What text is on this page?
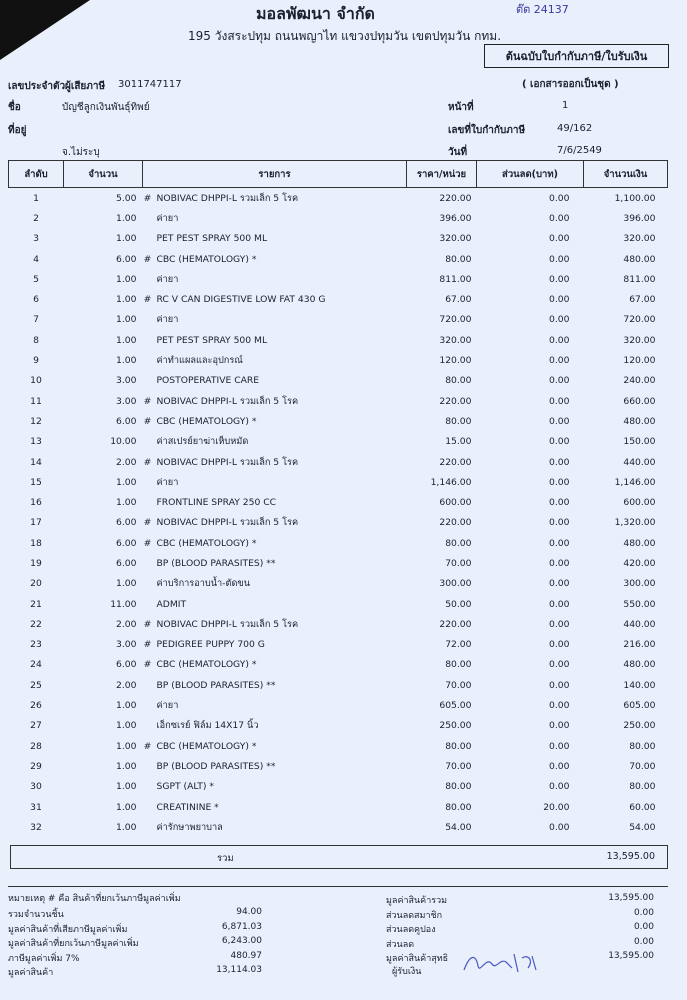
มอลพัฒนา จำกัด	ต๊ต 24137
195 วังสระปทุม ถนนพญาไท แขวงปทุมวัน เขตปทุมวัน กทม.
ต้นฉบับใบกำกับภาษี/ใบรับเงิน
เลขประจำตัวผู้เสียภาษี 3011747117	( เอกสารออกเป็นชุด )
ชื่อ	บัญชีลูกเงินพันธุ์ทิพย์	หน้าที่	1
ที่อยู่	เลขที่ใบกำกับภาษี	49/162
จ.ไม่ระบุ	วันที่	7/6/2549
ลำดับ	จำนวน	รายการ		ราคา/หน่วย	ส่วนลด(บาท)	จำนวนเงิน
1	5.00	#	NOBIVAC DHPPI-L รวมเล็ก 5 โรค	220.00	0.00	1,100.00
2	1.00		ค่ายา	396.00	0.00	396.00
3	1.00		PET PEST SPRAY 500 ML	320.00	0.00	320.00
4	6.00	#	CBC (HEMATOLOGY) *	80.00	0.00	480.00
5	1.00		ค่ายา	811.00	0.00	811.00
6	1.00	#	RC V CAN DIGESTIVE LOW FAT 430 G	67.00	0.00	67.00
7	1.00		ค่ายา	720.00	0.00	720.00
8	1.00		PET PEST SPRAY 500 ML	320.00	0.00	320.00
9	1.00		ค่าทำแผลและอุปกรณ์	120.00	0.00	120.00
10	3.00		POSTOPERATIVE CARE	80.00	0.00	240.00
11	3.00	#	NOBIVAC DHPPI-L รวมเล็ก 5 โรค	220.00	0.00	660.00
12	6.00	#	CBC (HEMATOLOGY) *	80.00	0.00	480.00
13	10.00		ค่าสเปรย์ยาฆ่าเห็บหมัด	15.00	0.00	150.00
14	2.00	#	NOBIVAC DHPPI-L รวมเล็ก 5 โรค	220.00	0.00	440.00
15	1.00		ค่ายา	1,146.00	0.00	1,146.00
16	1.00		FRONTLINE SPRAY 250 CC	600.00	0.00	600.00
17	6.00	#	NOBIVAC DHPPI-L รวมเล็ก 5 โรค	220.00	0.00	1,320.00
18	6.00	#	CBC (HEMATOLOGY) *	80.00	0.00	480.00
19	6.00		BP (BLOOD PARASITES) **	70.00	0.00	420.00
20	1.00		ค่าบริการอาบน้ำ-ตัดขน	300.00	0.00	300.00
21	11.00		ADMIT	50.00	0.00	550.00
22	2.00	#	NOBIVAC DHPPI-L รวมเล็ก 5 โรค	220.00	0.00	440.00
23	3.00	#	PEDIGREE PUPPY 700 G	72.00	0.00	216.00
24	6.00	#	CBC (HEMATOLOGY) *	80.00	0.00	480.00
25	2.00		BP (BLOOD PARASITES) **	70.00	0.00	140.00
26	1.00		ค่ายา	605.00	0.00	605.00
27	1.00		เอ็กซเรย์ ฟิล์ม 14X17 นิ้ว	250.00	0.00	250.00
28	1.00	#	CBC (HEMATOLOGY) *	80.00	0.00	80.00
29	1.00		BP (BLOOD PARASITES) **	70.00	0.00	70.00
30	1.00		SGPT (ALT) *	80.00	0.00	80.00
31	1.00		CREATININE *	80.00	20.00	60.00
32	1.00		ค่ารักษาพยาบาล	54.00	0.00	54.00
รวม	13,595.00
หมายเหตุ # คือ สินค้าที่ยกเว้นภาษีมูลค่าเพิ่ม
รวมจำนวนชิ้น	94.00
มูลค่าสินค้าที่เสียภาษีมูลค่าเพิ่ม	6,871.03
มูลค่าสินค้าที่ยกเว้นภาษีมูลค่าเพิ่ม	6,243.00
ภาษีมูลค่าเพิ่ม 7%	480.97
มูลค่าสินค้า	13,114.03
มูลค่าสินค้ารวม	13,595.00
ส่วนลดสมาชิก	0.00
ส่วนลดคูปอง	0.00
ส่วนลด	0.00
มูลค่าสินค้าสุทธิ	13,595.00
ผู้รับเงิน
